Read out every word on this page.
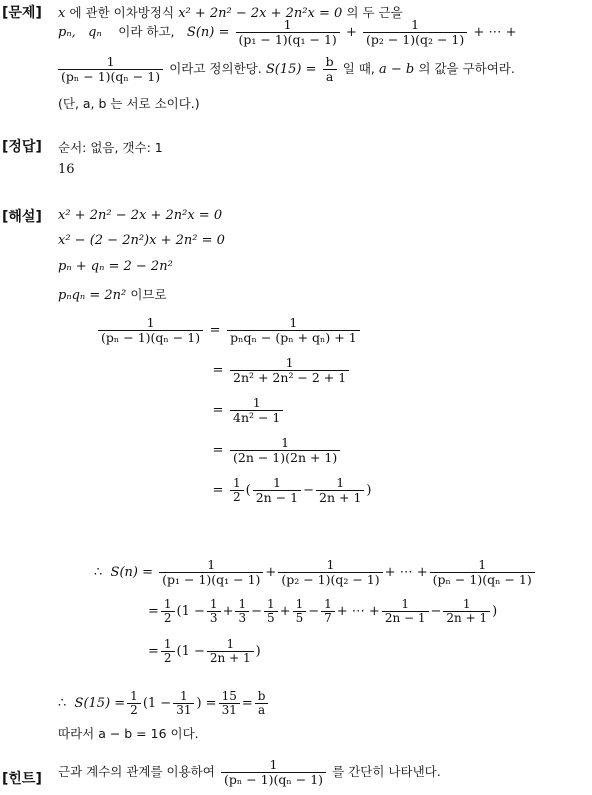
[문제] x 에 관한 이차방정식 x² + 2n² − 2x + 2n²x = 0 의 두 근을
pₙ, qₙ 이라 하고, $S(n) = \frac{1}{\text{(p₁ − 1)(q₁ − 1)}} + \frac{1}{\text{(p₂ − 1)(q₂ − 1)}}$ + ⋯ +
$\frac{1}{\text{(pₙ − 1)(qₙ − 1)}}$ 이라고 정의한당. $S(15) = \frac{b}{a}$ 일 때, a − b 의 값을 구하여라.
(단, a, b 는 서로 소이다.)
[정답] 순서: 없음, 갯수: 1
16
[해설] x² + 2n² − 2x + 2n²x = 0
x² − (2 − 2n²)x + 2n² = 0
pₙ + qₙ = 2 − 2n²
pₙqₙ = 2n² 이므로
$\frac{1}{\text{(pₙ − 1)(qₙ − 1)}}$ =
1
pₙqₙ − (pₙ + qₙ) + 1
= $\frac{1}{\text{2n² + 2n² − 2 + 1}}$
= $\frac{1}{\text{4n² − 1}}$
= $\frac{1}{(2n - 1)(2n + 1)}$
= $\frac{1}{2}$ ( $\frac{1}{2n - 1} - \frac{1}{2n + 1}$ )
∴ $S(n) = \frac{1}{\text{(p₁ − 1)(q₁ − 1)}} + \frac{1}{\text{(p₂ − 1)(q₂ − 1)}}$ + ⋯ + $\frac{1}{\text{(pₙ − 1)(qₙ − 1)}}$
= $\frac{1}{2} (1 - \frac{1}{3} + \frac{1}{3} - \frac{1}{5} + \frac{1}{5} - \frac{1}{7}$ + ⋯ + $\frac{1}{2n - 1} - \frac{1}{2n + 1}$ )
= $\frac{1}{2} (1 - \frac{1}{2n + 1}$ )
∴ $S(15) = \frac{1}{2} (1 - \frac{1}{31}$ ) = $\frac{15}{31} = \frac{b}{a}$
따라서 a − b = 16 이다.
[힌트] 근과 계수의 관계를 이용하여 $\frac{1}{\text{(pₙ − 1)(qₙ − 1)}}$ 를 간단히 나타낸다.
